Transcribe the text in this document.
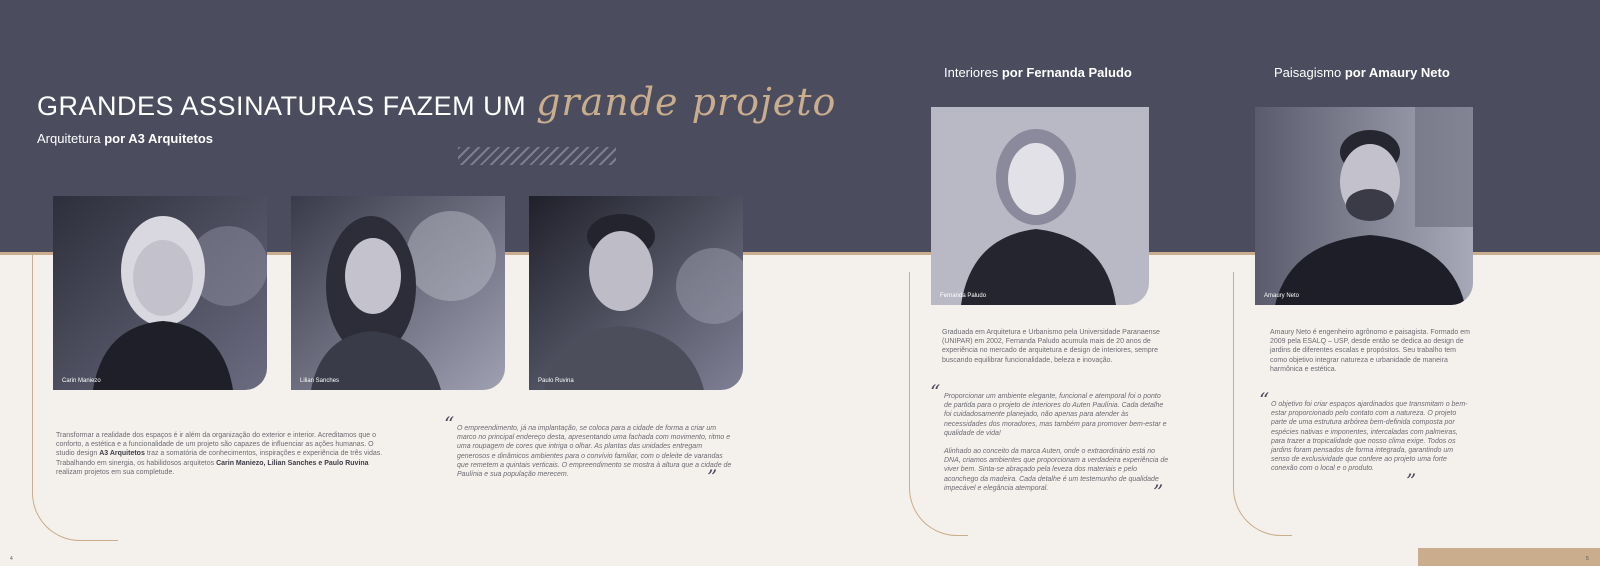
GRANDES ASSINATURAS FAZEM UM grande projeto
Arquitetura por A3 Arquitetos
Interiores por Fernanda Paludo	Paisagismo por Amaury Neto
Carin Maniezo	Lilian Sanches	Paulo Ruvina
Fernanda Paludo	Amaury Neto

Transformar a realidade dos espaços é ir além da organização do exterior e interior. Acreditamos que o conforto, a estética e a funcionalidade de um projeto são capazes de influenciar as ações humanas. O studio design A3 Arquitetos traz a somatória de conhecimentos, inspirações e experiência de três vidas. Trabalhando em sinergia, os habilidosos arquitetos Carin Maniezo, Lilian Sanches e Paulo Ruvina realizam projetos em sua completude.

“ O empreendimento, já na implantação, se coloca para a cidade de forma a criar um marco no principal endereço desta, apresentando uma fachada com movimento, ritmo e uma roupagem de cores que intriga o olhar. As plantas das unidades entregam generosos e dinâmicos ambientes para o convívio familiar, com o deleite de varandas que remetem a quintais verticais. O empreendimento se mostra à altura que a cidade de Paulínia e sua população merecem.	”

Graduada em Arquitetura e Urbanismo pela Universidade Paranaense (UNIPAR) em 2002, Fernanda Paludo acumula mais de 20 anos de experiência no mercado de arquitetura e design de interiores, sempre buscando equilibrar funcionalidade, beleza e inovação.

“ Proporcionar um ambiente elegante, funcional e atemporal foi o ponto de partida para o projeto de interiores do Auten Paulínia. Cada detalhe foi cuidadosamente planejado, não apenas para atender às necessidades dos moradores, mas também para promover bem-estar e qualidade de vida!
Alinhado ao conceito da marca Auten, onde o extraordinário está no DNA, criamos ambientes que proporcionam a verdadeira experiência de viver bem. Sinta-se abraçado pela leveza dos materiais e pelo aconchego da madeira. Cada detalhe é um testemunho de qualidade impecável e elegância atemporal.	”

Amaury Neto é engenheiro agrônomo e paisagista. Formado em 2009 pela ESALQ – USP, desde então se dedica ao design de jardins de diferentes escalas e propósitos. Seu trabalho tem como objetivo integrar natureza e urbanidade de maneira harmônica e estética.

“ O objetivo foi criar espaços ajardinados que transmitam o bem-estar proporcionado pelo contato com a natureza. O projeto parte de uma estrutura arbórea bem-definida composta por espécies nativas e imponentes, intercaladas com palmeiras, para trazer a tropicalidade que nosso clima exige. Todos os jardins foram pensados de forma integrada, garantindo um senso de exclusividade que confere ao projeto uma forte conexão com o local e o produto.

”
4	5
